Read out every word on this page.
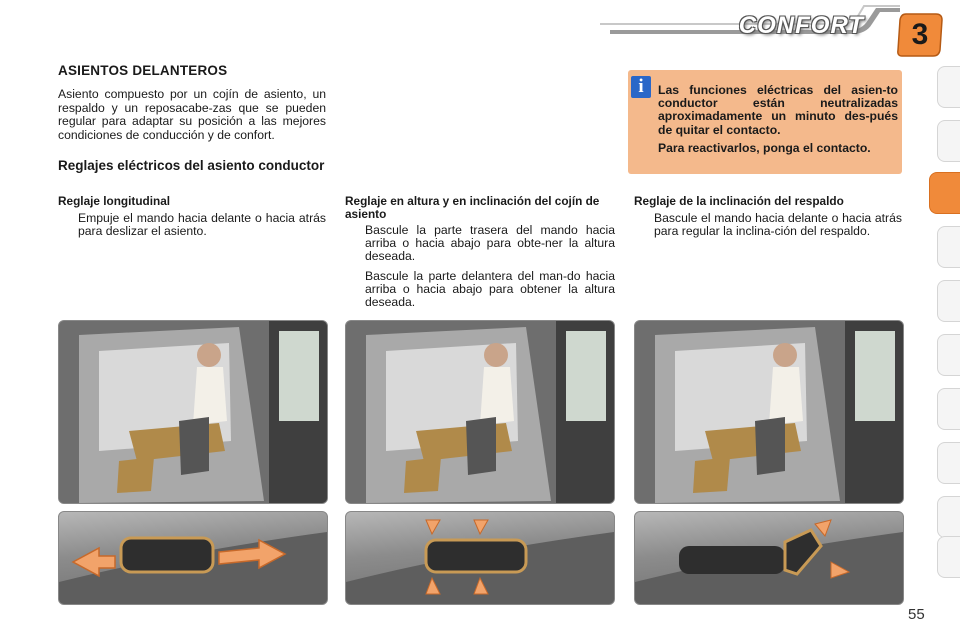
CONFORT	3
ASIENTOS DELANTEROS
Asiento compuesto por un cojín de asiento, un respaldo y un reposacabe-zas que se pueden regular para adaptar su posición a las mejores condiciones de conducción y de confort.
Reglajes eléctricos del asiento conductor
i	Las funciones eléctricas del asien-to conductor están neutralizadas aproximadamente un minuto des-pués de quitar el contacto.

Para reactivarlos, ponga el contacto.

Reglaje longitudinal
Empuje el mando hacia delante o hacia atrás para deslizar el asiento.
Reglaje en altura y en inclinación del cojín de asiento
Bascule la parte trasera del mando hacia arriba o hacia abajo para obte-ner la altura deseada.
Bascule la parte delantera del man-do hacia arriba o hacia abajo para obtener la altura deseada.
Reglaje de la inclinación del respaldo
Bascule el mando hacia delante o hacia atrás para regular la inclina-ción del respaldo.
55
